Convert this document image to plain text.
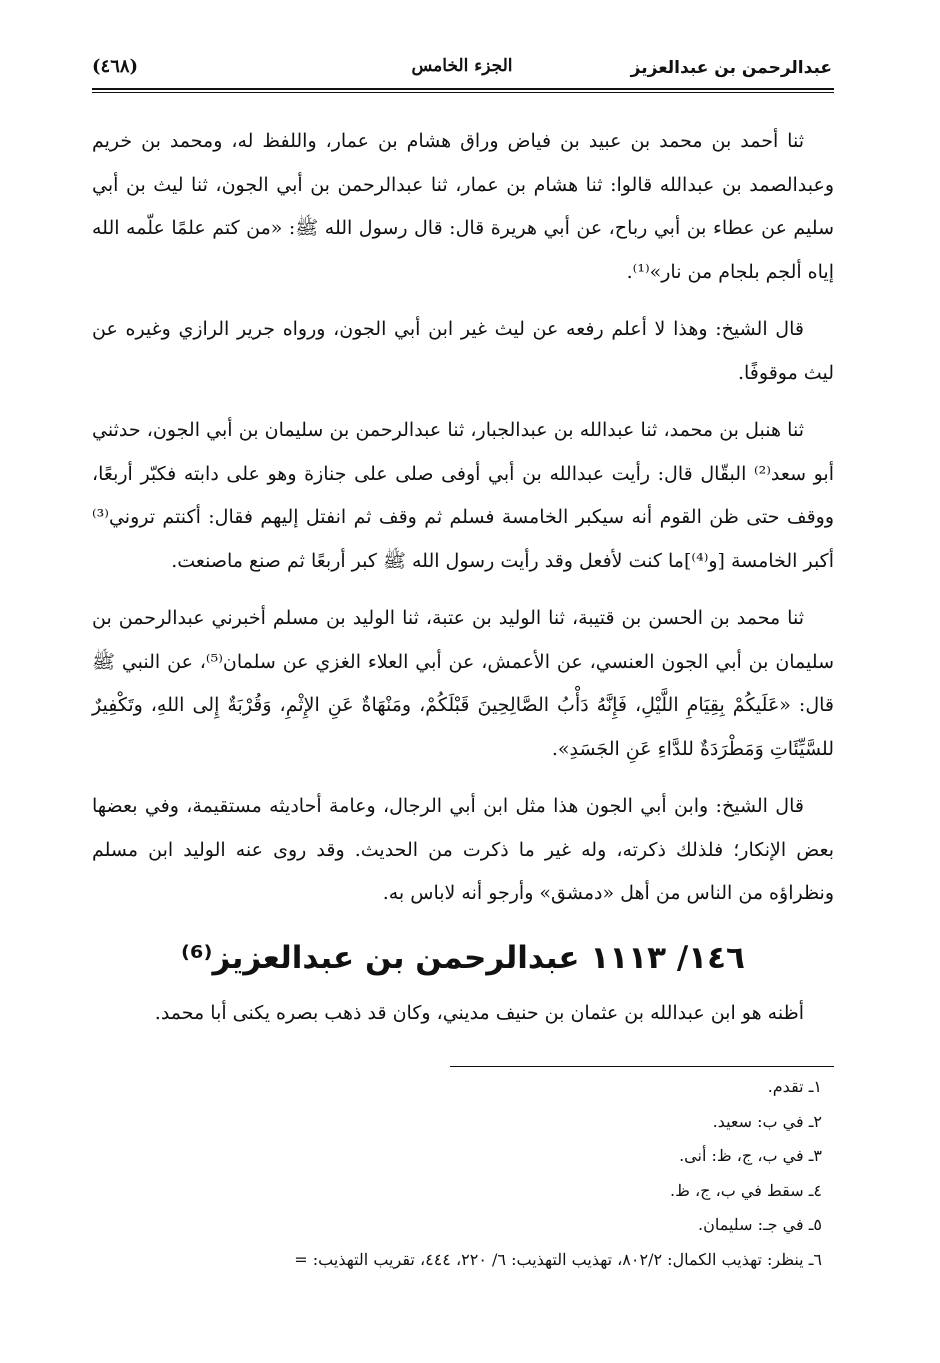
عبدالرحمن بن عبدالعزيز
الجزء الخامس
(٤٦٨)

ثنا أحمد بن محمد بن عبيد بن فياض وراق هشام بن عمار، واللفظ له، ومحمد بن خريم وعبدالصمد بن عبدالله قالوا: ثنا هشام بن عمار، ثنا عبدالرحمن بن أبي الجون، ثنا ليث بن أبي سليم عن عطاء بن أبي رباح، عن أبي هريرة قال: قال رسول الله ﷺ: «من كتم علمًا علّمه الله إياه ألجم بلجام من نار»⁽¹⁾.

قال الشيخ: وهذا لا أعلم رفعه عن ليث غير ابن أبي الجون، ورواه جرير الرازي وغيره عن ليث موقوفًا.

ثنا هنبل بن محمد، ثنا عبدالله بن عبدالجبار، ثنا عبدالرحمن بن سليمان بن أبي الجون، حدثني أبو سعد⁽²⁾ البقّال قال: رأيت عبدالله بن أبي أوفى صلى على جنازة وهو على دابته فكبّر أربعًا، ووقف حتى ظن القوم أنه سيكبر الخامسة فسلم ثم وقف ثم انفتل إليهم فقال: أكنتم تروني⁽³⁾ أكبر الخامسة [و⁽⁴⁾]ما كنت لأفعل وقد رأيت رسول الله ﷺ كبر أربعًا ثم صنع ماصنعت.

ثنا محمد بن الحسن بن قتيبة، ثنا الوليد بن عتبة، ثنا الوليد بن مسلم أخبرني عبدالرحمن بن سليمان بن أبي الجون العنسي، عن الأعمش، عن أبي العلاء الغزي عن سلمان⁽⁵⁾، عن النبي ﷺ قال: «عَلَيكُمْ بِقِيَامِ اللَّيْلِ، فَإِنَّهُ دَأْبُ الصَّالِحِينَ قَبْلَكُمْ، ومَنْهَاةٌ عَنِ الإِثْمِ، وَقُرْبَةٌ إِلى اللهِ، وتَكْفِيرٌ للسَّيِّئَاتِ وَمَطْرَدَةٌ للدَّاءِ عَنِ الجَسَدِ».

قال الشيخ: وابن أبي الجون هذا مثل ابن أبي الرجال، وعامة أحاديثه مستقيمة، وفي بعضها بعض الإنكار؛ فلذلك ذكرته، وله غير ما ذكرت من الحديث. وقد روى عنه الوليد ابن مسلم ونظراؤه من الناس من أهل «دمشق» وأرجو أنه لاباس به.

١٤٦/ ١١١٣ عبدالرحمن بن عبدالعزيز⁽⁶⁾

أظنه هو ابن عبدالله بن عثمان بن حنيف مديني، وكان قد ذهب بصره يكنى أبا محمد.

١ـ تقدم.

٢ـ في ب: سعيد.

٣ـ في ب، ج، ظ: أنى.

٤ـ سقط في ب، ج، ظ.

٥ـ في جـ: سليمان.

٦ـ ينظر: تهذيب الكمال: ٨٠٢/٢، تهذيب التهذيب: ٦/ ٢٢٠، ٤٤٤، تقريب التهذيب: =
